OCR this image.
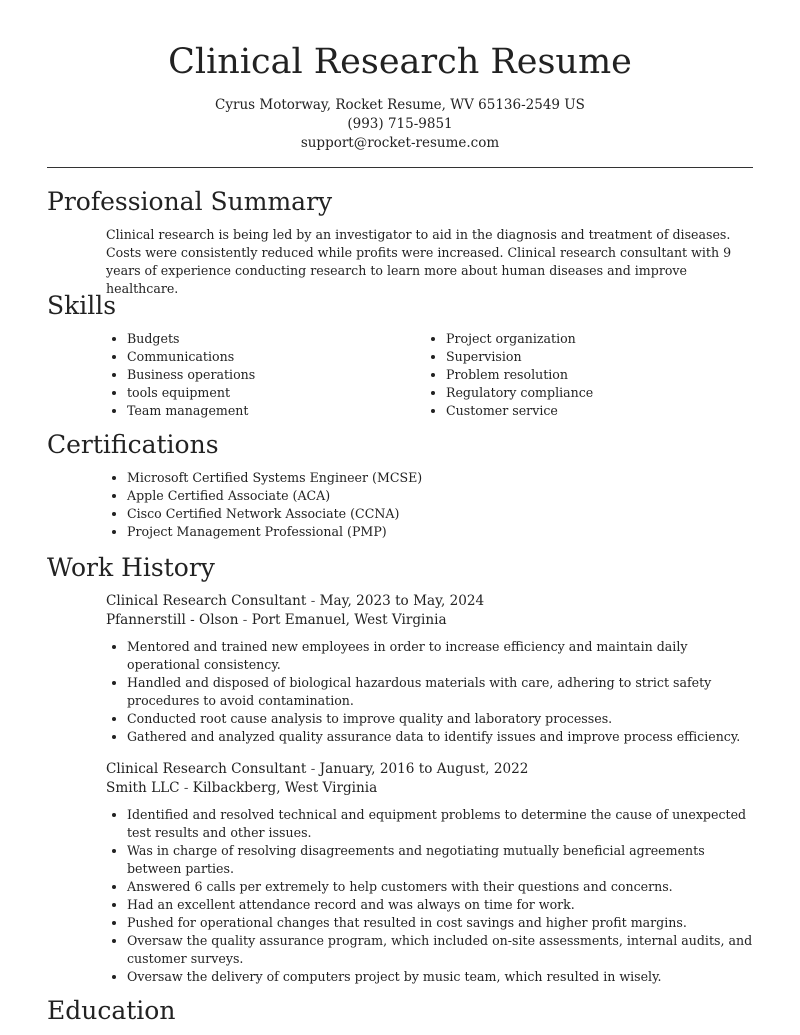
Clinical Research Resume
Cyrus Motorway, Rocket Resume, WV 65136-2549 US
(993) 715-9851
support@rocket-resume.com
Professional Summary
Clinical research is being led by an investigator to aid in the diagnosis and treatment of diseases. Costs were consistently reduced while profits were increased. Clinical research consultant with 9 years of experience conducting research to learn more about human diseases and improve healthcare.
Skills
• Budgets
• Communications
• Business operations
• tools equipment
• Team management
• Project organization
• Supervision
• Problem resolution
• Regulatory compliance
• Customer service
Certifications
• Microsoft Certified Systems Engineer (MCSE)
• Apple Certified Associate (ACA)
• Cisco Certified Network Associate (CCNA)
• Project Management Professional (PMP)
Work History
Clinical Research Consultant - May, 2023 to May, 2024
Pfannerstill - Olson - Port Emanuel, West Virginia
• Mentored and trained new employees in order to increase efficiency and maintain daily operational consistency.
• Handled and disposed of biological hazardous materials with care, adhering to strict safety procedures to avoid contamination.
• Conducted root cause analysis to improve quality and laboratory processes.
• Gathered and analyzed quality assurance data to identify issues and improve process efficiency.
Clinical Research Consultant - January, 2016 to August, 2022
Smith LLC - Kilbackberg, West Virginia
• Identified and resolved technical and equipment problems to determine the cause of unexpected test results and other issues.
• Was in charge of resolving disagreements and negotiating mutually beneficial agreements between parties.
• Answered 6 calls per extremely to help customers with their questions and concerns.
• Had an excellent attendance record and was always on time for work.
• Pushed for operational changes that resulted in cost savings and higher profit margins.
• Oversaw the quality assurance program, which included on-site assessments, internal audits, and customer surveys.
• Oversaw the delivery of computers project by music team, which resulted in wisely.
Education
